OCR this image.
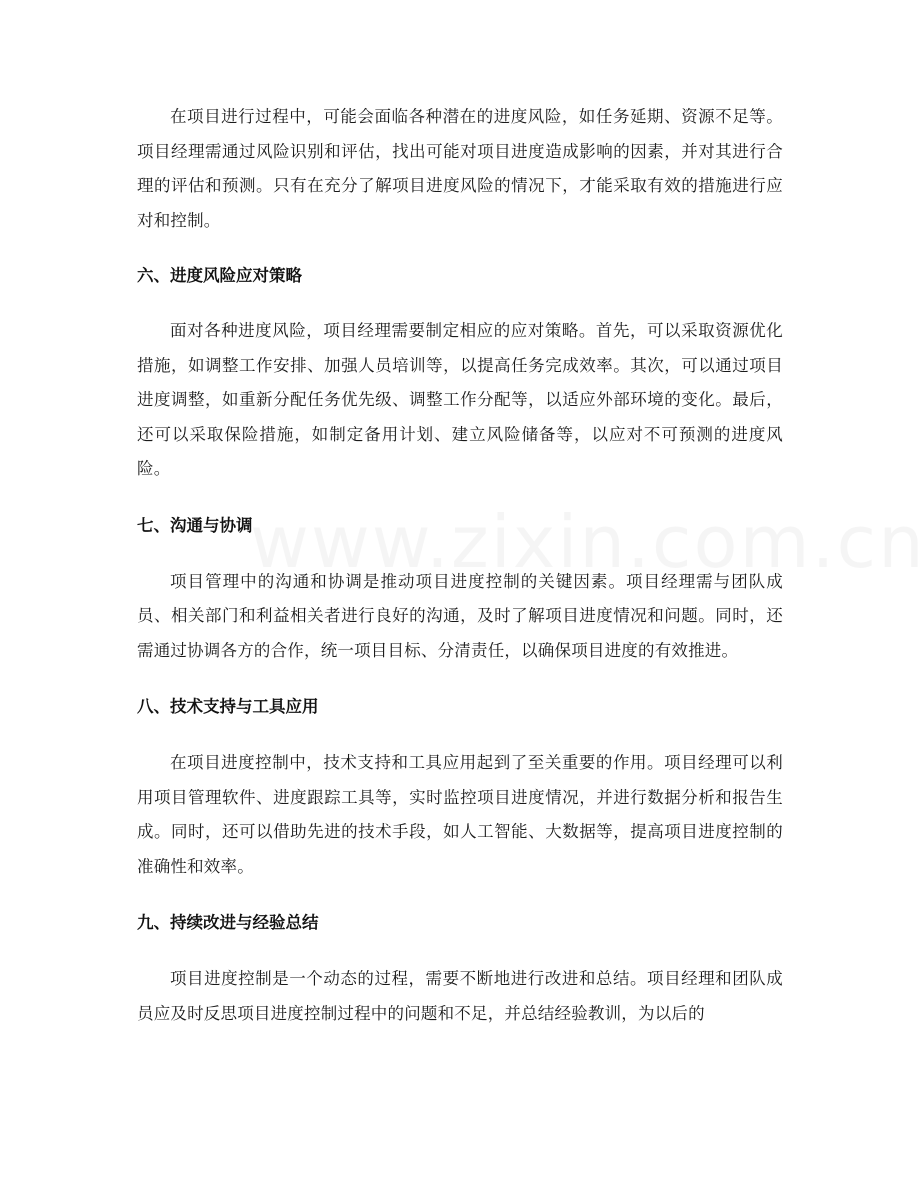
在项目进行过程中，可能会面临各种潜在的进度风险，如任务延期、资源不足等。项目经理需通过风险识别和评估，找出可能对项目进度造成影响的因素，并对其进行合理的评估和预测。只有在充分了解项目进度风险的情况下，才能采取有效的措施进行应对和控制。

六、进度风险应对策略

面对各种进度风险，项目经理需要制定相应的应对策略。首先，可以采取资源优化措施，如调整工作安排、加强人员培训等，以提高任务完成效率。其次，可以通过项目进度调整，如重新分配任务优先级、调整工作分配等，以适应外部环境的变化。最后，还可以采取保险措施，如制定备用计划、建立风险储备等，以应对不可预测的进度风险。

七、沟通与协调

项目管理中的沟通和协调是推动项目进度控制的关键因素。项目经理需与团队成员、相关部门和利益相关者进行良好的沟通，及时了解项目进度情况和问题。同时，还需通过协调各方的合作，统一项目目标、分清责任，以确保项目进度的有效推进。

八、技术支持与工具应用

在项目进度控制中，技术支持和工具应用起到了至关重要的作用。项目经理可以利用项目管理软件、进度跟踪工具等，实时监控项目进度情况，并进行数据分析和报告生成。同时，还可以借助先进的技术手段，如人工智能、大数据等，提高项目进度控制的准确性和效率。

九、持续改进与经验总结

项目进度控制是一个动态的过程，需要不断地进行改进和总结。项目经理和团队成员应及时反思项目进度控制过程中的问题和不足，并总结经验教训，为以后的
